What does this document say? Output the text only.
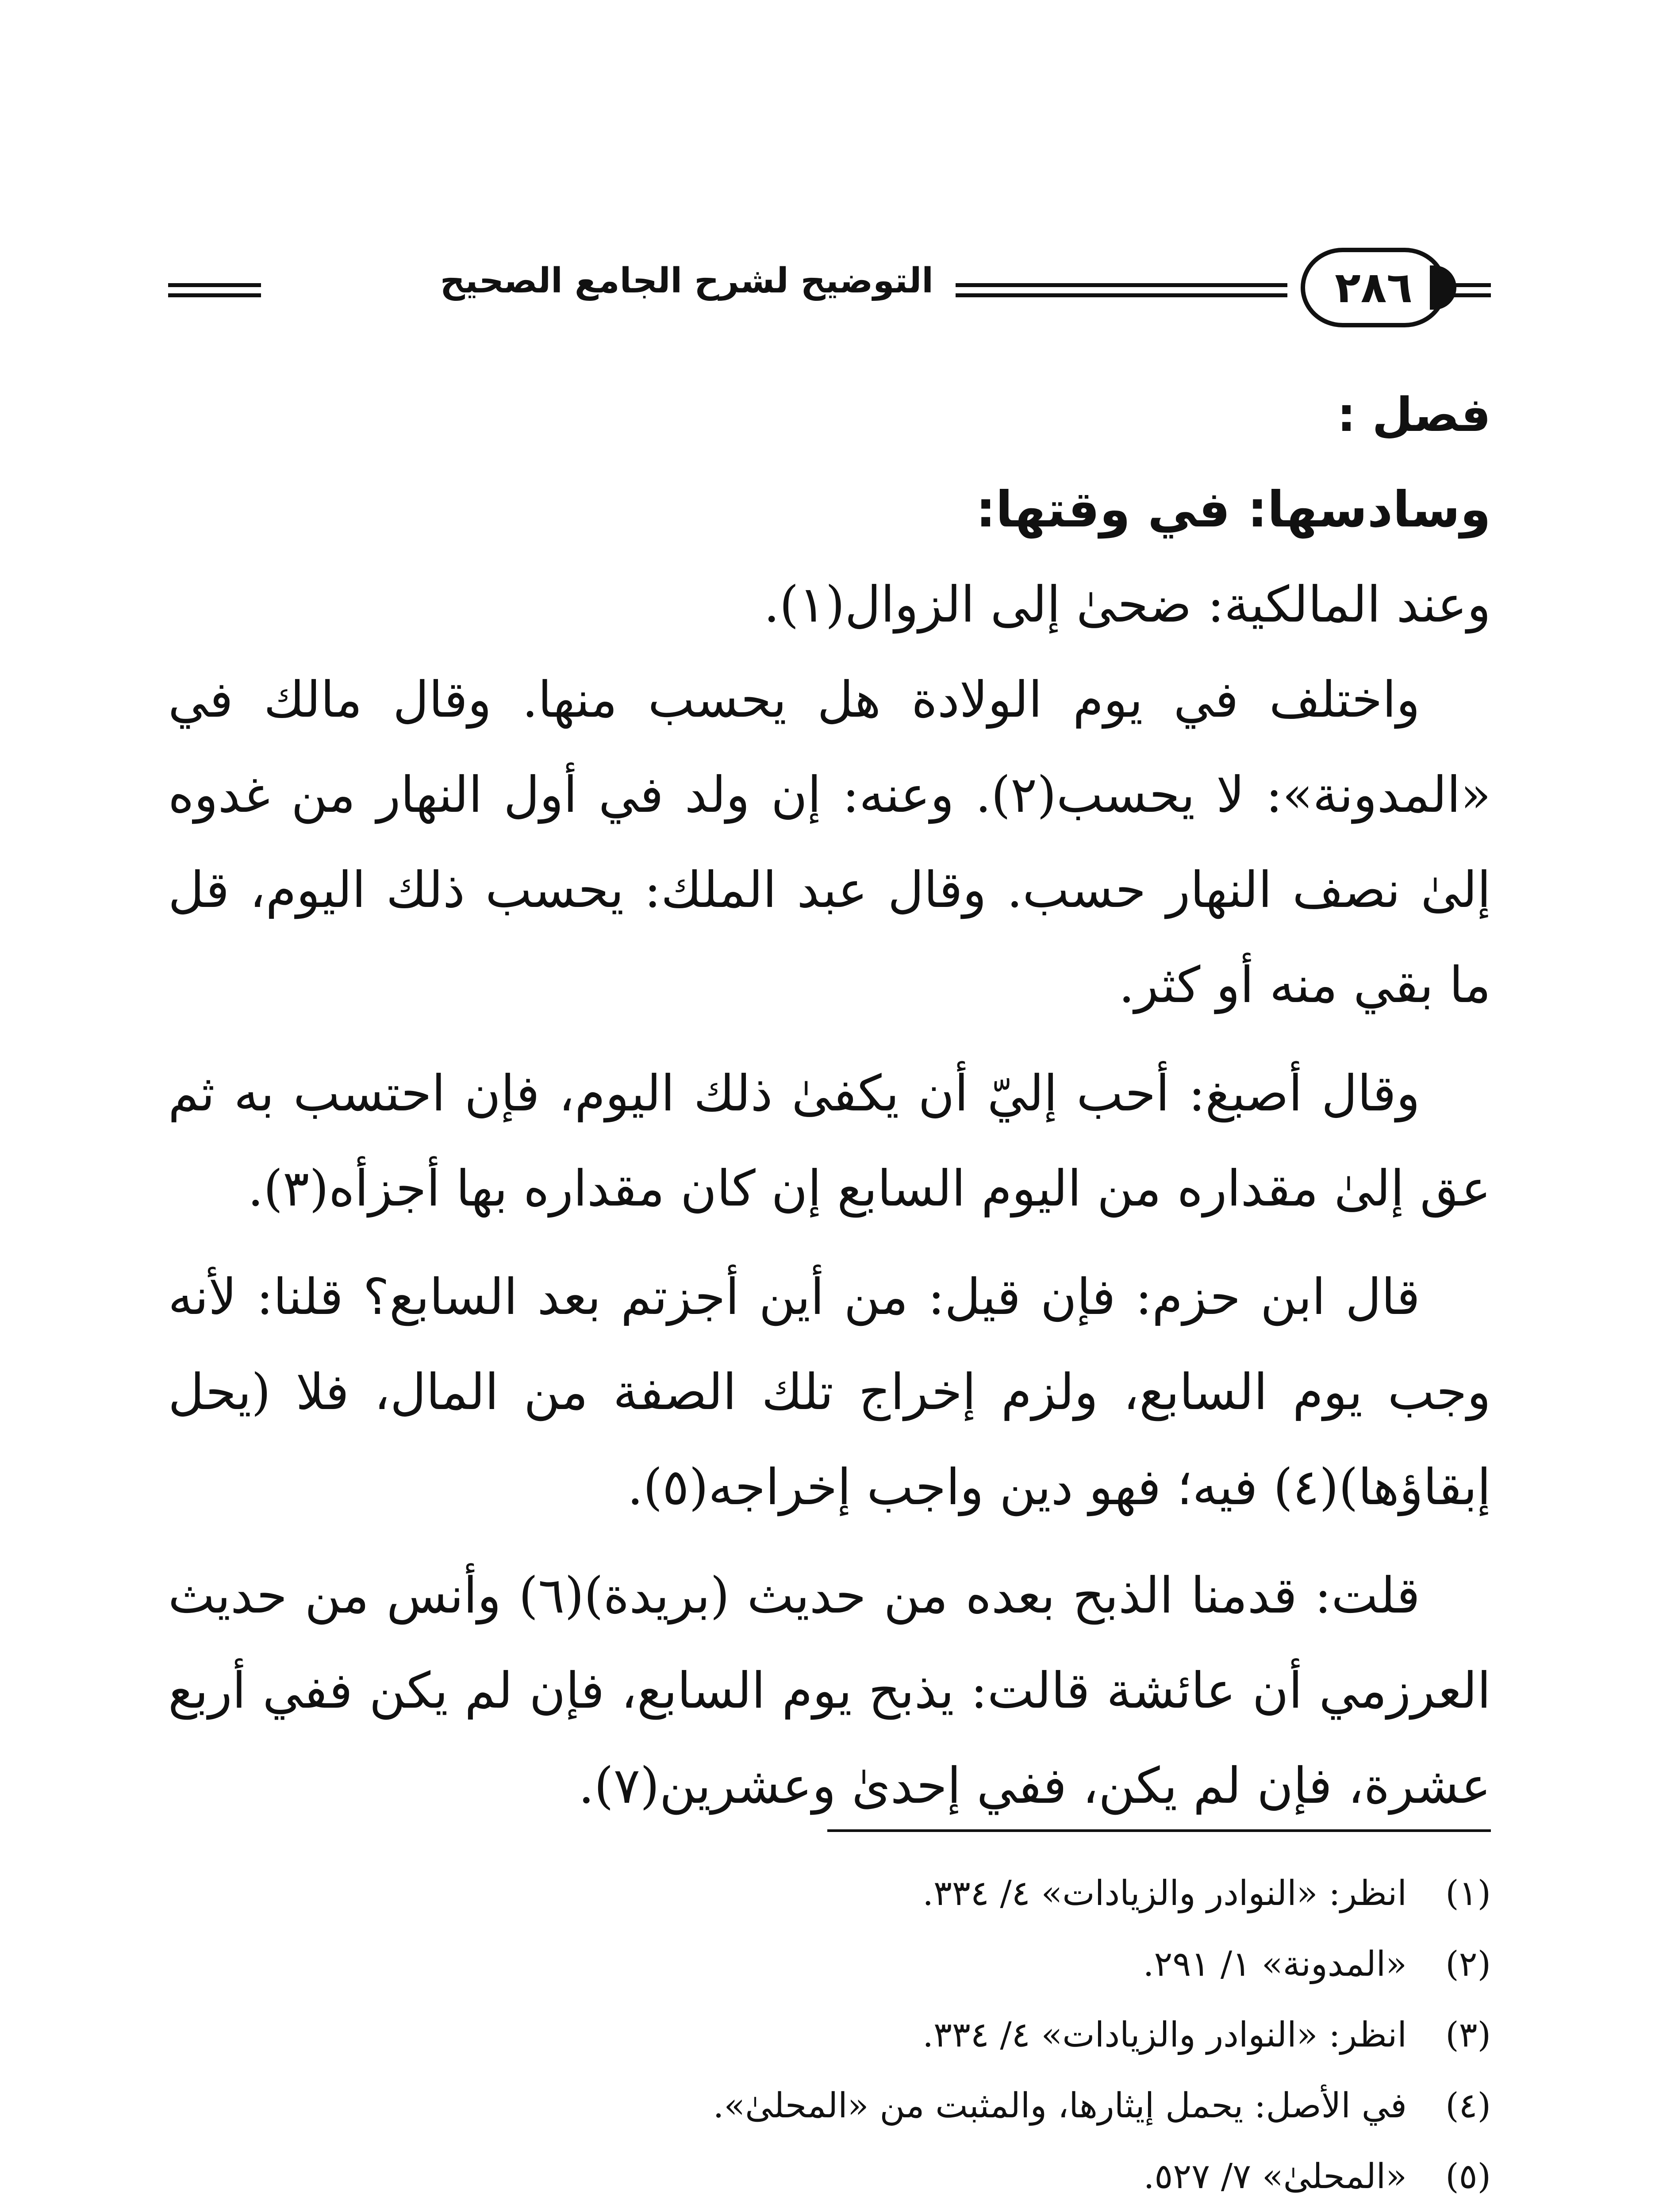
٢٨٦
التوضيح لشرح الجامع الصحيح

فصل :

وسادسها: في وقتها:

وعند المالكية: ضحىٰ إلى الزوال(١).

واختلف في يوم الولادة هل يحسب منها. وقال مالك في «المدونة»: لا يحسب(٢). وعنه: إن ولد في أول النهار من غدوه إلىٰ نصف النهار حسب. وقال عبد الملك: يحسب ذلك اليوم، قل ما بقي منه أو كثر.

وقال أصبغ: أحب إليّ أن يكفىٰ ذلك اليوم، فإن احتسب به ثم عق إلىٰ مقداره من اليوم السابع إن كان مقداره بها أجزأه(٣).

قال ابن حزم: فإن قيل: من أين أجزتم بعد السابع؟ قلنا: لأنه وجب يوم السابع، ولزم إخراج تلك الصفة من المال، فلا (يحل إبقاؤها)(٤) فيه؛ فهو دين واجب إخراجه(٥).

قلت: قدمنا الذبح بعده من حديث (بريدة)(٦) وأنس من حديث العرزمي أن عائشة قالت: يذبح يوم السابع، فإن لم يكن ففي أربع عشرة، فإن لم يكن، ففي إحدىٰ وعشرين(٧).

(١)
انظر: «النوادر والزيادات» ٤/ ٣٣٤.
(٢)
«المدونة» ١/ ٢٩١.
(٣)
انظر: «النوادر والزيادات» ٤/ ٣٣٤.
(٤)
في الأصل: يحمل إيثارها، والمثبت من «المحلىٰ».
(٥)
«المحلىٰ» ٧/ ٥٢٧.
